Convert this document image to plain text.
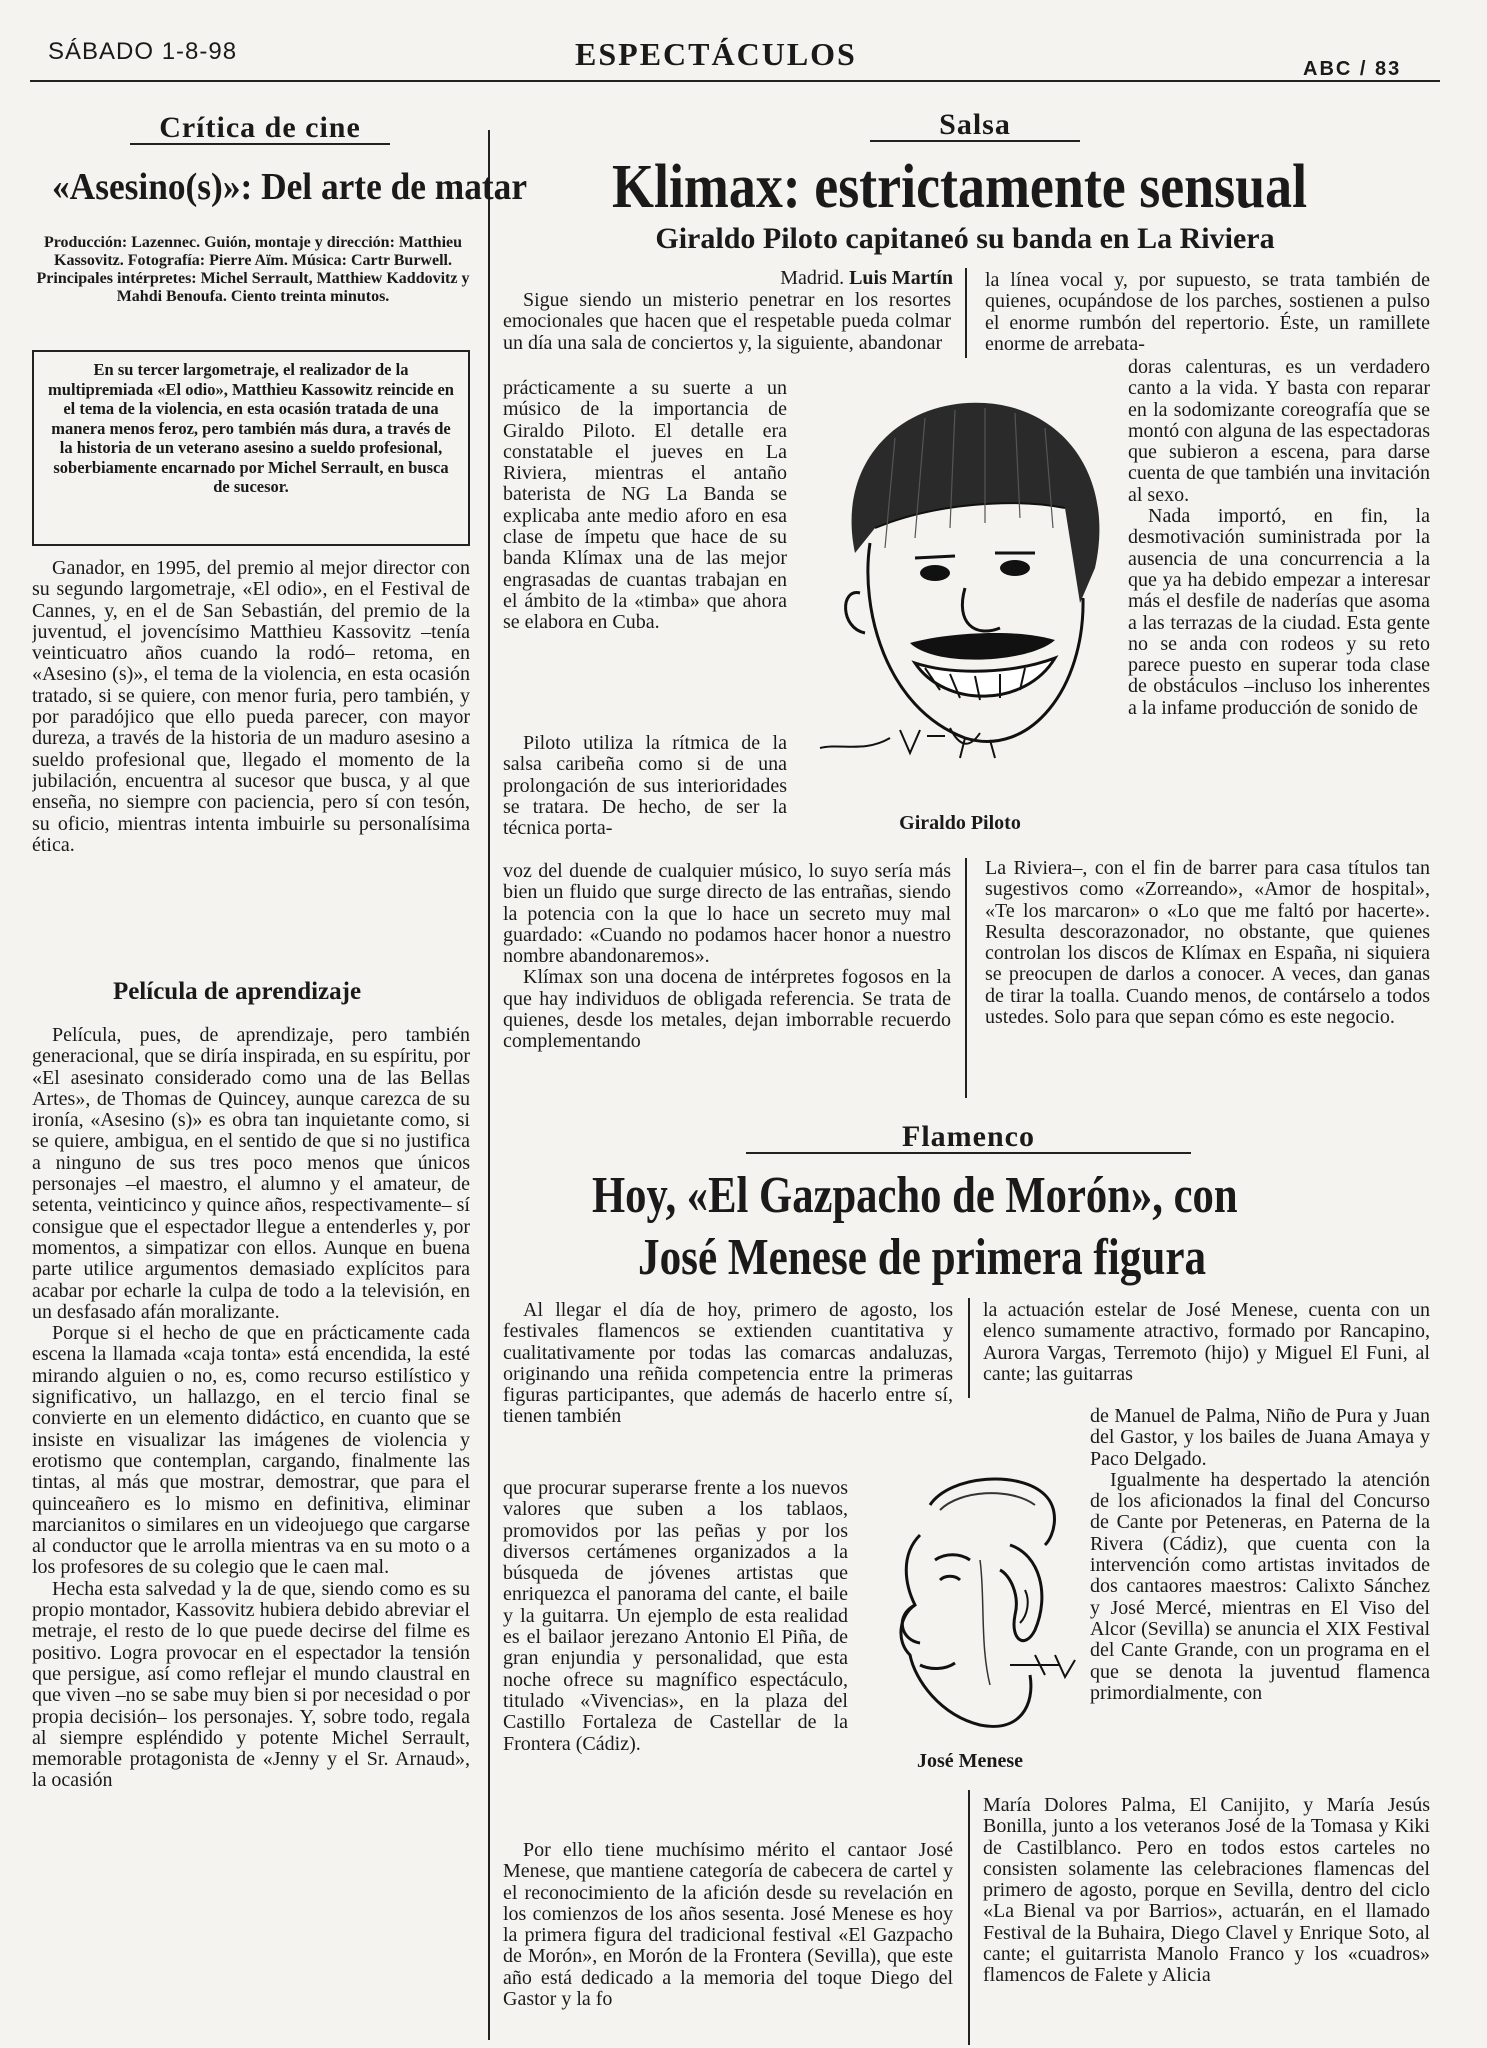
SÁBADO 1-8-98	ESPECTÁCULOS	ABC / 83
Crítica de cine
«Asesino(s)»: Del arte de matar
Producción: Lazennec. Guión, montaje y dirección: Matthieu Kassovitz. Fotografía: Pierre Aïm. Música: Cartr Burwell. Principales intérpretes: Michel Serrault, Matthiew Kaddovitz y Mahdi Benoufa. Ciento treinta minutos.
En su tercer largometraje, el realizador de la multipremiada «El odio», Matthieu Kassowitz reincide en el tema de la violencia, en esta ocasión tratada de una manera menos feroz, pero también más dura, a través de la historia de un veterano asesino a sueldo profesional, soberbiamente encarnado por Michel Serrault, en busca de sucesor.

Ganador, en 1995, del premio al mejor director con su segundo largometraje, «El odio», en el Festival de Cannes, y, en el de San Sebastián, del premio de la juventud, el jovencísimo Matthieu Kassovitz –tenía veinticuatro años cuando la rodó– retoma, en «Asesino (s)», el tema de la violencia, en esta ocasión tratado, si se quiere, con menor furia, pero también, y por paradójico que ello pueda parecer, con mayor dureza, a través de la historia de un maduro asesino a sueldo profesional que, llegado el momento de la jubilación, encuentra al sucesor que busca, y al que enseña, no siempre con paciencia, pero sí con tesón, su oficio, mientras intenta imbuirle su personalísima ética.

Película de aprendizaje

Película, pues, de aprendizaje, pero también generacional, que se diría inspirada, en su espíritu, por «El asesinato considerado como una de las Bellas Artes», de Thomas de Quincey, aunque carezca de su ironía, «Asesino (s)» es obra tan inquietante como, si se quiere, ambigua, en el sentido de que si no justifica a ninguno de sus tres poco menos que únicos personajes –el maestro, el alumno y el amateur, de setenta, veinticinco y quince años, respectivamente– sí consigue que el espectador llegue a entenderles y, por momentos, a simpatizar con ellos. Aunque en buena parte utilice argumentos demasiado explícitos para acabar por echarle la culpa de todo a la televisión, en un desfasado afán moralizante.

Porque si el hecho de que en prácticamente cada escena la llamada «caja tonta» está encendida, la esté mirando alguien o no, es, como recurso estilístico y significativo, un hallazgo, en el tercio final se convierte en un elemento didáctico, en cuanto que se insiste en visualizar las imágenes de violencia y erotismo que contemplan, cargando, finalmente las tintas, al más que mostrar, demostrar, que para el quinceañero es lo mismo en definitiva, eliminar marcianitos o similares en un videojuego que cargarse al conductor que le arrolla mientras va en su moto o a los profesores de su colegio que le caen mal.

Hecha esta salvedad y la de que, siendo como es su propio montador, Kassovitz hubiera debido abreviar el metraje, el resto de lo que puede decirse del filme es positivo. Logra provocar en el espectador la tensión que persigue, así como reflejar el mundo claustral en que viven –no se sabe muy bien si por necesidad o por propia decisión– los personajes. Y, sobre todo, regala al siempre espléndido y potente Michel Serrault, memorable protagonista de «Jenny y el Sr. Arnaud», la ocasión

Salsa
Klimax: estrictamente sensual
Giraldo Piloto capitaneó su banda en La Riviera
Madrid. Luis Martín

Sigue siendo un misterio penetrar en los resortes emocionales que hacen que el respetable pueda colmar un día una sala de conciertos y, la siguiente, abandonar

prácticamente a su suerte a un músico de la importancia de Giraldo Piloto. El detalle era constatable el jueves en La Riviera, mientras el antaño baterista de NG La Banda se explicaba ante medio aforo en esa clase de ímpetu que hace de su banda Klímax una de las mejor engrasadas de cuantas trabajan en el ámbito de la «timba» que ahora se elabora en Cuba.

Piloto utiliza la rítmica de la salsa caribeña como si de una prolongación de sus interioridades se tratara. De hecho, de ser la técnica porta-

voz del duende de cualquier músico, lo suyo sería más bien un fluido que surge directo de las entrañas, siendo la potencia con la que lo hace un secreto muy mal guardado: «Cuando no podamos hacer honor a nuestro nombre abandonaremos».

Klímax son una docena de intérpretes fogosos en la que hay individuos de obligada referencia. Se trata de quienes, desde los metales, dejan imborrable recuerdo complementando

la línea vocal y, por supuesto, se trata también de quienes, ocupándose de los parches, sostienen a pulso el enorme rumbón del repertorio. Éste, un ramillete enorme de arrebata-

doras calenturas, es un verdadero canto a la vida. Y basta con reparar en la sodomizante coreografía que se montó con alguna de las espectadoras que subieron a escena, para darse cuenta de que también una invitación al sexo.

Nada importó, en fin, la desmotivación suministrada por la ausencia de una concurrencia a la que ya ha debido empezar a interesar más el desfile de naderías que asoma a las terrazas de la ciudad. Esta gente no se anda con rodeos y su reto parece puesto en superar toda clase de obstáculos –incluso los inherentes a la infame producción de sonido de

La Riviera–, con el fin de barrer para casa títulos tan sugestivos como «Zorreando», «Amor de hospital», «Te los marcaron» o «Lo que me faltó por hacerte». Resulta descorazonador, no obstante, que quienes controlan los discos de Klímax en España, ni siquiera se preocupen de darlos a conocer. A veces, dan ganas de tirar la toalla. Cuando menos, de contárselo a todos ustedes. Solo para que sepan cómo es este negocio.

Giraldo Piloto
Flamenco
Hoy, «El Gazpacho de Morón», con
José Menese de primera figura

Al llegar el día de hoy, primero de agosto, los festivales flamencos se extienden cuantitativa y cualitativamente por todas las comarcas andaluzas, originando una reñida competencia entre la primeras figuras participantes, que además de hacerlo entre sí, tienen también

que procurar superarse frente a los nuevos valores que suben a los tablaos, promovidos por las peñas y por los diversos certámenes organizados a la búsqueda de jóvenes artistas que enriquezca el panorama del cante, el baile y la guitarra. Un ejemplo de esta realidad es el bailaor jerezano Antonio El Piña, de gran enjundia y personalidad, que esta noche ofrece su magnífico espectáculo, titulado «Vivencias», en la plaza del Castillo Fortaleza de Castellar de la Frontera (Cádiz).

Por ello tiene muchísimo mérito el cantaor José Menese, que mantiene categoría de cabecera de cartel y el reconocimiento de la afición desde su revelación en los comienzos de los años sesenta. José Menese es hoy la primera figura del tradicional festival «El Gazpacho de Morón», en Morón de la Frontera (Sevilla), que este año está dedicado a la memoria del toque Diego del Gastor y la fo

la actuación estelar de José Menese, cuenta con un elenco sumamente atractivo, formado por Rancapino, Aurora Vargas, Terremoto (hijo) y Miguel El Funi, al cante; las guitarras

de Manuel de Palma, Niño de Pura y Juan del Gastor, y los bailes de Juana Amaya y Paco Delgado.

Igualmente ha despertado la atención de los aficionados la final del Concurso de Cante por Peteneras, en Paterna de la Rivera (Cádiz), que cuenta con la intervención como artistas invitados de dos cantaores maestros: Calixto Sánchez y José Mercé, mientras en El Viso del Alcor (Sevilla) se anuncia el XIX Festival del Cante Grande, con un programa en el que se denota la juventud flamenca primordialmente, con

María Dolores Palma, El Canijito, y María Jesús Bonilla, junto a los veteranos José de la Tomasa y Kiki de Castilblanco. Pero en todos estos carteles no consisten solamente las celebraciones flamencas del primero de agosto, porque en Sevilla, dentro del ciclo «La Bienal va por Barrios», actuarán, en el llamado Festival de la Buhaira, Diego Clavel y Enrique Soto, al cante; el guitarrista Manolo Franco y los «cuadros» flamencos de Falete y Alicia

José Menese
